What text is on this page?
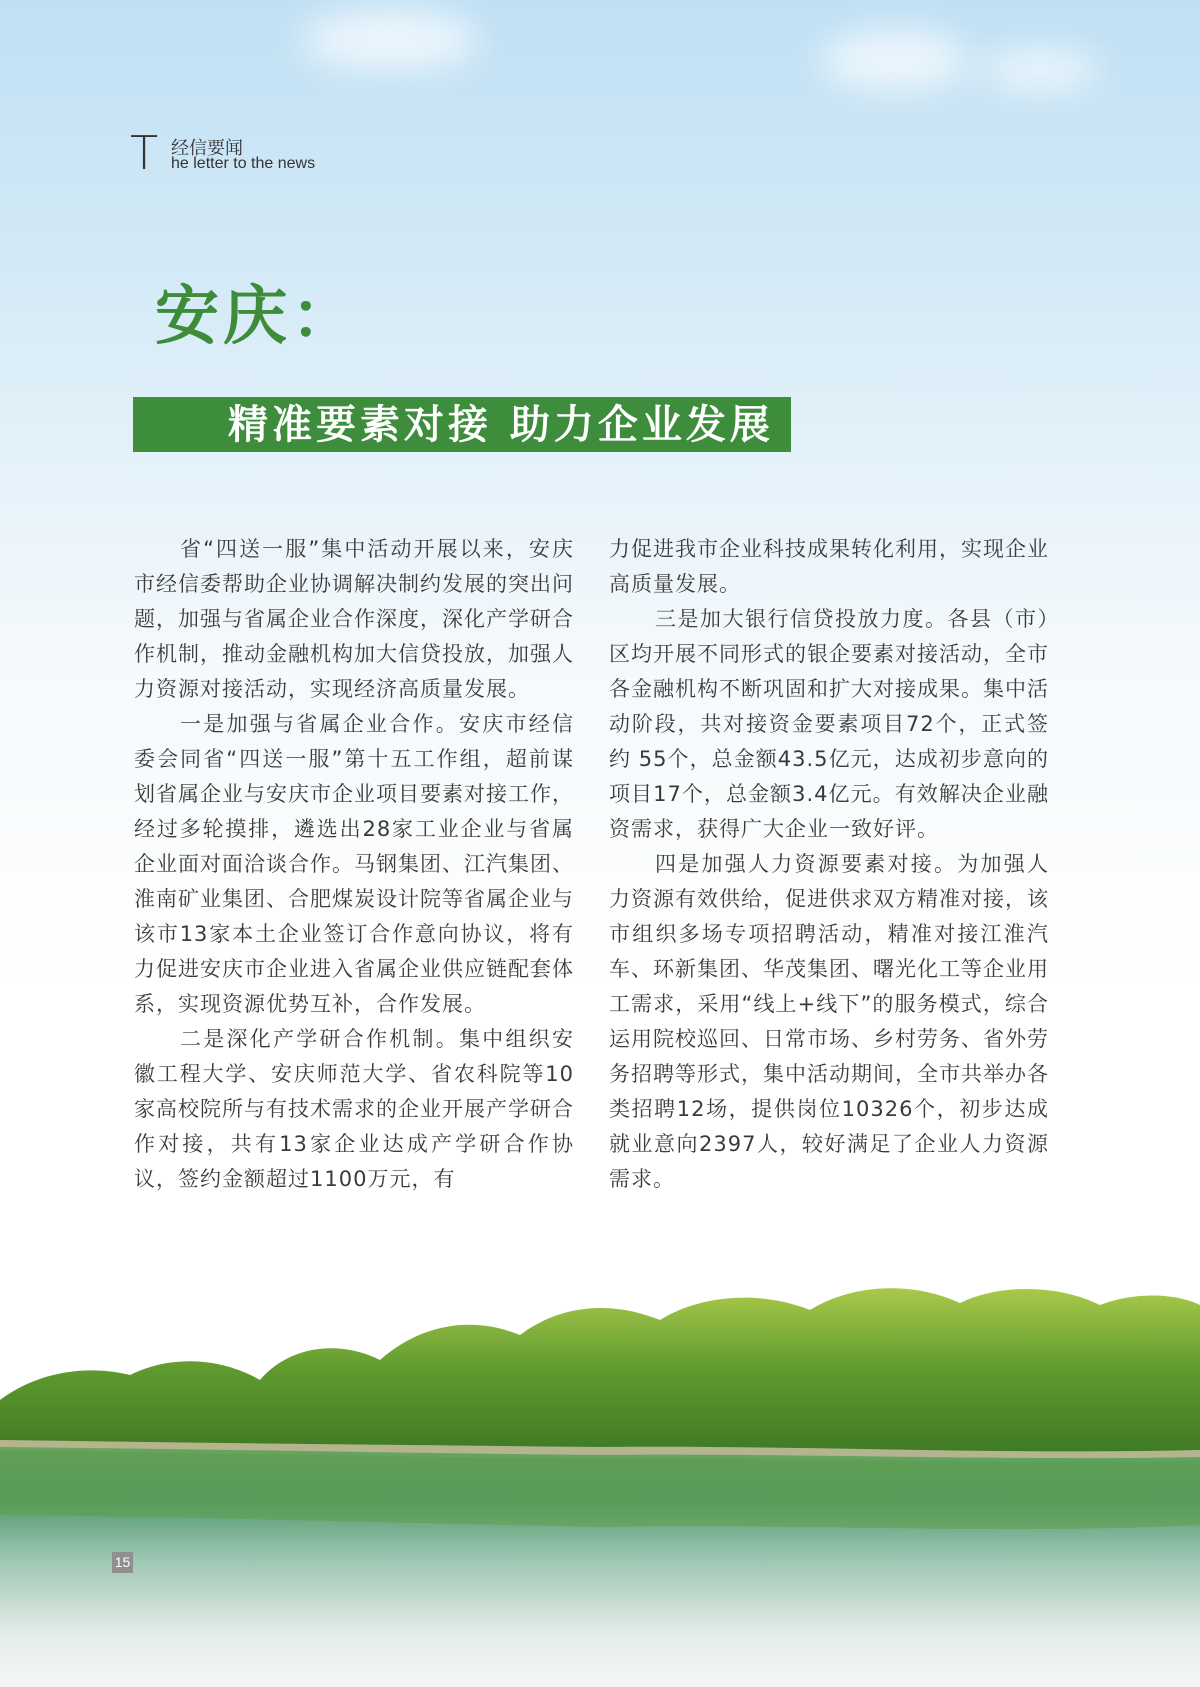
T 经信要闻
he letter to the news
安庆：
精准要素对接 助力企业发展

省“四送一服”集中活动开展以来，安庆市经信委帮助企业协调解决制约发展的突出问题，加强与省属企业合作深度，深化产学研合作机制，推动金融机构加大信贷投放，加强人力资源对接活动，实现经济高质量发展。

一是加强与省属企业合作。安庆市经信委会同省“四送一服”第十五工作组，超前谋划省属企业与安庆市企业项目要素对接工作，经过多轮摸排，遴选出28家工业企业与省属企业面对面洽谈合作。马钢集团、江汽集团、淮南矿业集团、合肥煤炭设计院等省属企业与该市13家本土企业签订合作意向协议，将有力促进安庆市企业进入省属企业供应链配套体系，实现资源优势互补，合作发展。

二是深化产学研合作机制。集中组织安徽工程大学、安庆师范大学、省农科院等10家高校院所与有技术需求的企业开展产学研合作对接，共有13家企业达成产学研合作协议，签约金额超过1100万元，有

力促进我市企业科技成果转化利用，实现企业高质量发展。

三是加大银行信贷投放力度。各县（市）区均开展不同形式的银企要素对接活动，全市各金融机构不断巩固和扩大对接成果。集中活动阶段，共对接资金要素项目72个，正式签约 55个，总金额43.5亿元，达成初步意向的项目17个，总金额3.4亿元。有效解决企业融资需求，获得广大企业一致好评。

四是加强人力资源要素对接。为加强人力资源有效供给，促进供求双方精准对接，该市组织多场专项招聘活动，精准对接江淮汽车、环新集团、华茂集团、曙光化工等企业用工需求，采用“线上+线下”的服务模式，综合运用院校巡回、日常市场、乡村劳务、省外劳务招聘等形式，集中活动期间，全市共举办各类招聘12场，提供岗位10326个，初步达成就业意向2397人，较好满足了企业人力资源需求。

15
